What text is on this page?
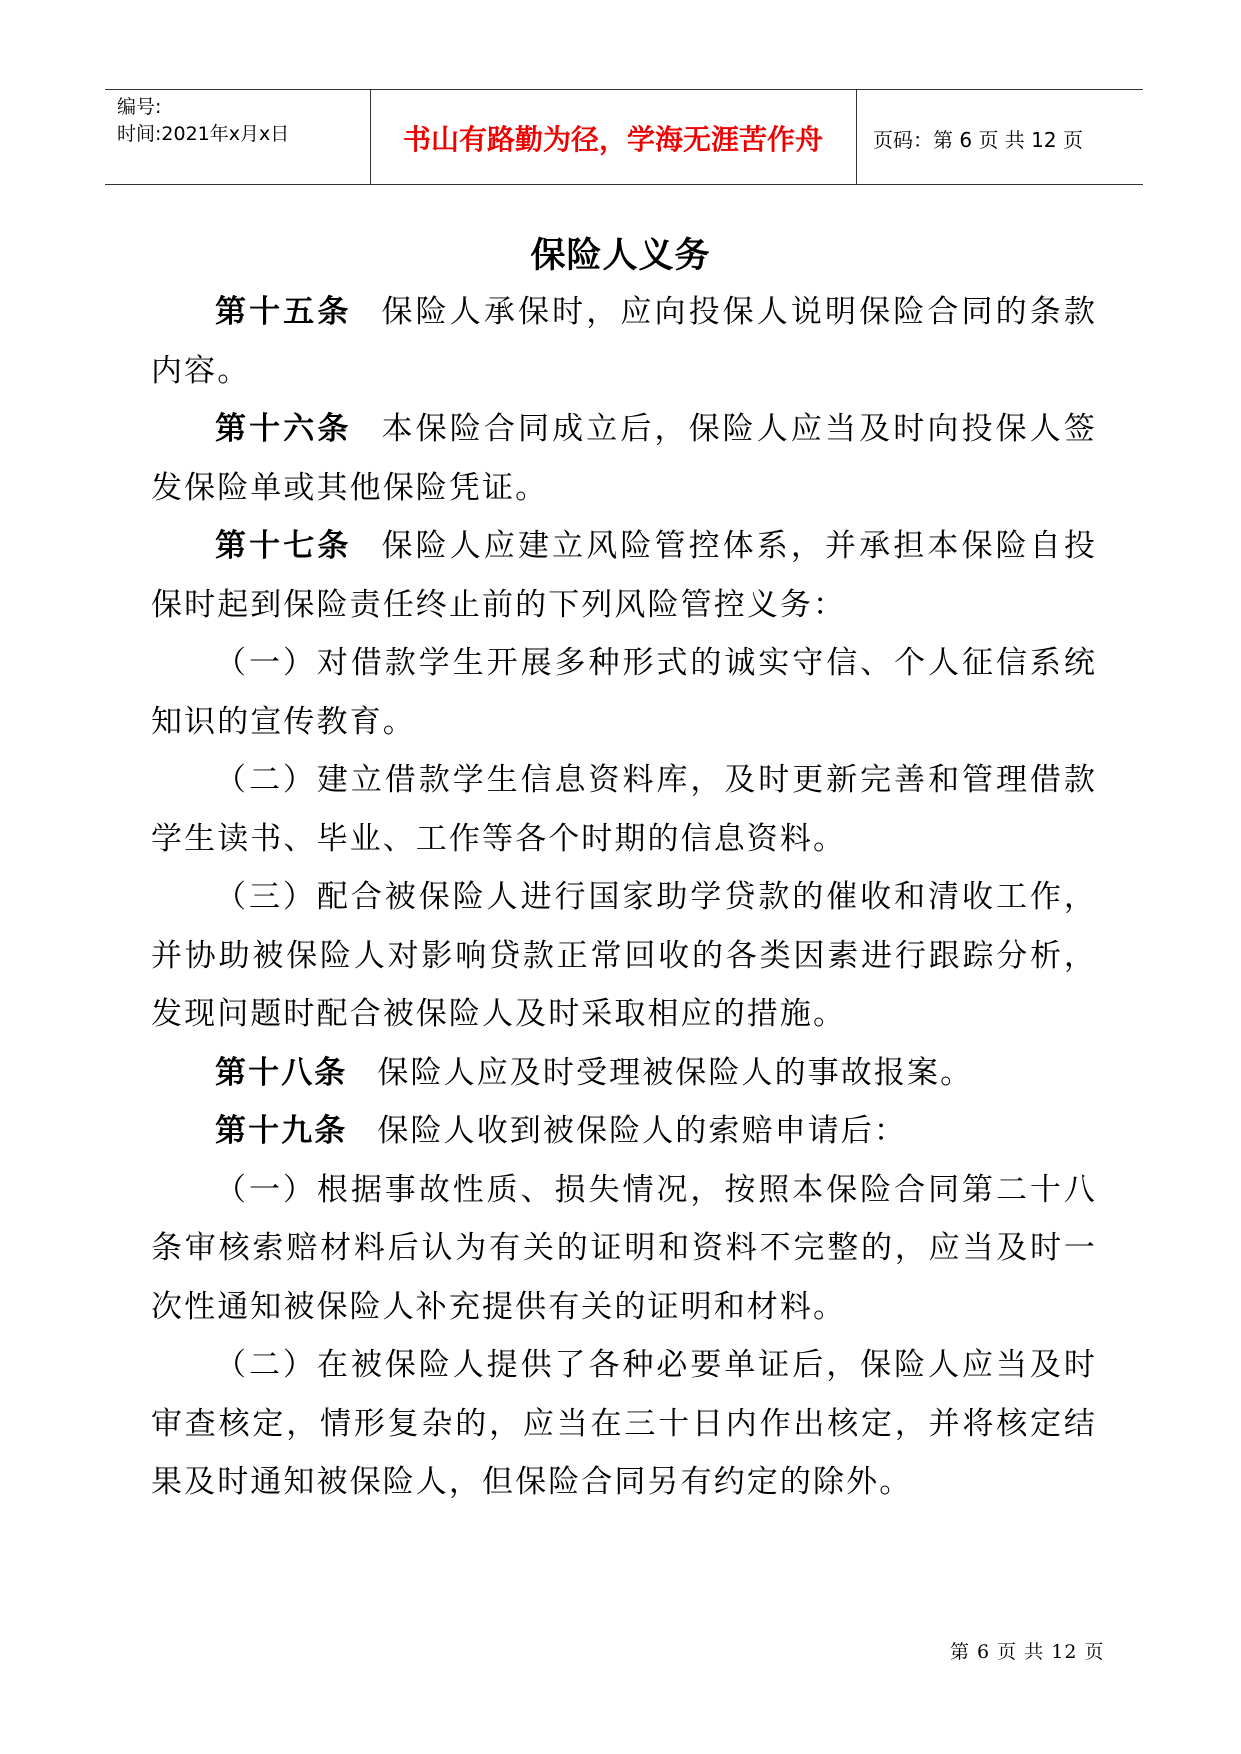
编号:
时间:2021年x月x日	书山有路勤为径，学海无涯苦作舟	页码：第 6 页 共 12 页
保险人义务

第十五条 保险人承保时，应向投保人说明保险合同的条款内容。

第十六条 本保险合同成立后，保险人应当及时向投保人签发保险单或其他保险凭证。

第十七条 保险人应建立风险管控体系，并承担本保险自投保时起到保险责任终止前的下列风险管控义务：

（一）对借款学生开展多种形式的诚实守信、个人征信系统知识的宣传教育。

（二）建立借款学生信息资料库，及时更新完善和管理借款学生读书、毕业、工作等各个时期的信息资料。

（三）配合被保险人进行国家助学贷款的催收和清收工作，并协助被保险人对影响贷款正常回收的各类因素进行跟踪分析，发现问题时配合被保险人及时采取相应的措施。

第十八条 保险人应及时受理被保险人的事故报案。

第十九条 保险人收到被保险人的索赔申请后：

（一）根据事故性质、损失情况，按照本保险合同第二十八条审核索赔材料后认为有关的证明和资料不完整的，应当及时一次性通知被保险人补充提供有关的证明和材料。

（二）在被保险人提供了各种必要单证后，保险人应当及时审查核定，情形复杂的，应当在三十日内作出核定，并将核定结果及时通知被保险人，但保险合同另有约定的除外。

第 6 页 共 12 页
